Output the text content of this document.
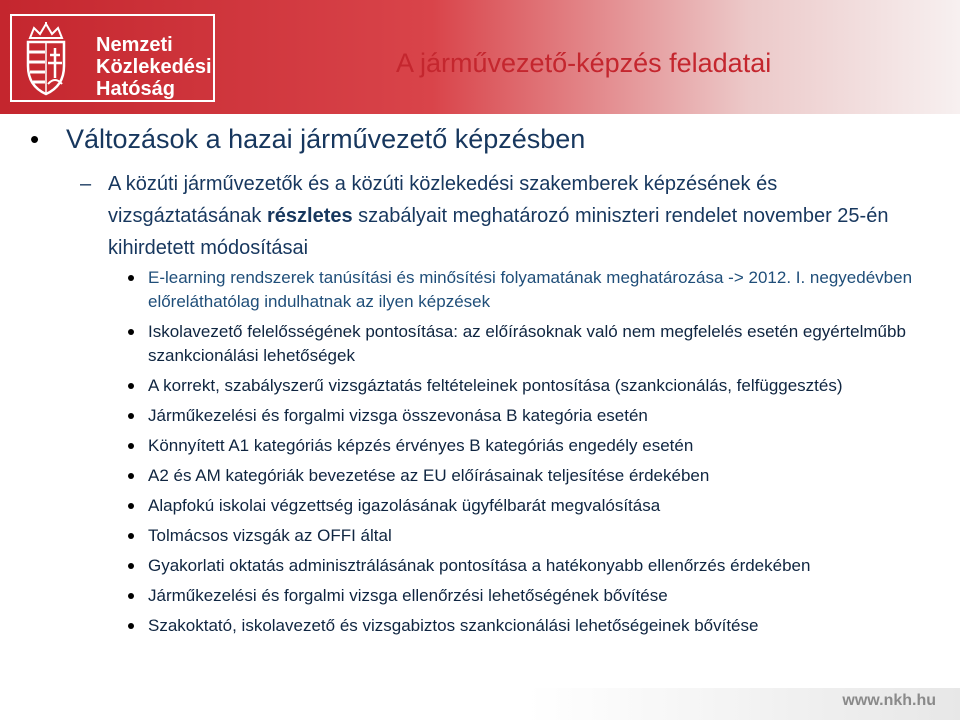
Nemzeti
Közlekedési
Hatóság
A járművezető-képzés feladatai
• Változások a hazai járművezető képzésben
– A közúti járművezetők és a közúti közlekedési szakemberek képzésének és vizsgáztatásának részletes szabályait meghatározó miniszteri rendelet november 25-én kihirdetett módosításai
E-learning rendszerek tanúsítási és minősítési folyamatának meghatározása -> 2012. I. negyedévben előreláthatólag indulhatnak az ilyen képzések
Iskolavezető felelősségének pontosítása: az előírásoknak való nem megfelelés esetén egyértelműbb szankcionálási lehetőségek
A korrekt, szabályszerű vizsgáztatás feltételeinek pontosítása (szankcionálás, felfüggesztés)
Járműkezelési és forgalmi vizsga összevonása B kategória esetén
Könnyített A1 kategóriás képzés érvényes B kategóriás engedély esetén
A2 és AM kategóriák bevezetése az EU előírásainak teljesítése érdekében
Alapfokú iskolai végzettség igazolásának ügyfélbarát megvalósítása
Tolmácsos vizsgák az OFFI által
Gyakorlati oktatás adminisztrálásának pontosítása a hatékonyabb ellenőrzés érdekében
Járműkezelési és forgalmi vizsga ellenőrzési lehetőségének bővítése
Szakoktató, iskolavezető és vizsgabiztos szankcionálási lehetőségeinek bővítése
www.nkh.hu
